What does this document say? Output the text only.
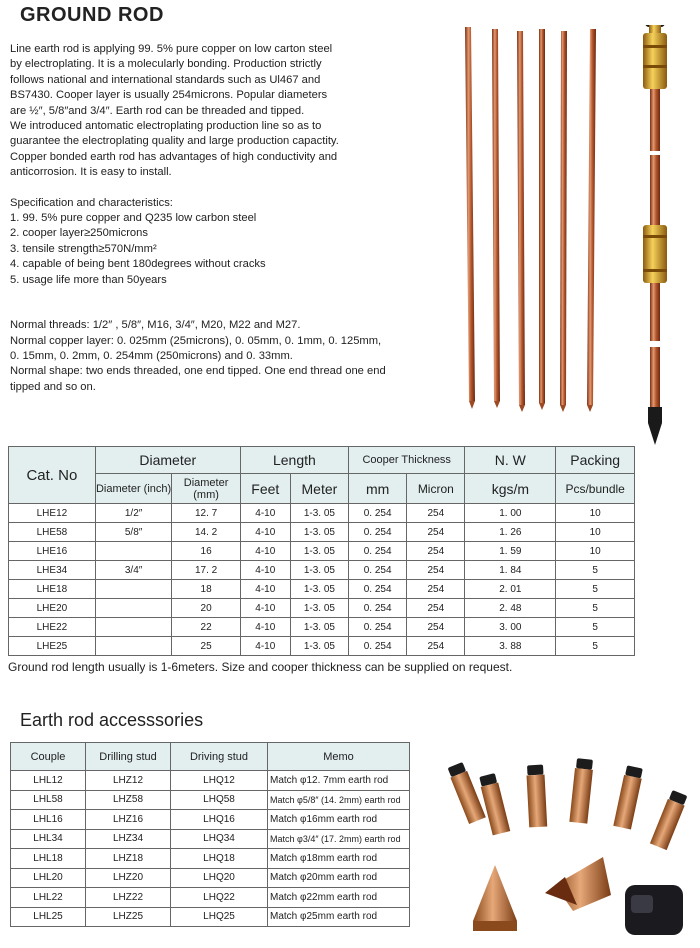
GROUND ROD

Line earth rod is applying 99. 5% pure copper on low carton steel

by electroplating. It is a molecularly bonding. Production strictly

follows national and international standards such as Ul467 and

BS7430. Cooper layer is usually 254microns. Popular diameters

are ½″, 5/8″and 3/4″. Earth rod can be threaded and tipped.

We introduced antomatic electroplating production line so as to

guarantee the electroplating quality and large production capactity.

Copper bonded earth rod has advantages of high conductivity and

anticorrosion. It is easy to install.

Specification and characteristics:

1. 99. 5% pure copper and Q235 low carbon steel

2. cooper layer≥250microns

3. tensile strength≥570N/mm²

4. capable of being bent 180degrees without cracks

5. usage life more than 50years

Normal threads: 1/2″ , 5/8″, M16, 3/4″, M20, M22 and M27.

Normal copper layer: 0. 025mm (25microns), 0. 05mm, 0. 1mm, 0. 125mm,

0. 15mm, 0. 2mm, 0. 254mm (250microns) and 0. 33mm.

Normal shape: two ends threaded, one end tipped. One end thread one end

tipped and so on.

Cat. No	Diameter		Length		Cooper Thickness		N. W	Packing
	Diameter (inch)	Diameter (mm)	Feet	Meter	mm	Micron	kgs/m	Pcs/bundle
LHE12	1/2″	12. 7	4-10	1-3. 05	0. 254	254	1. 00	10
LHE58	5/8″	14. 2	4-10	1-3. 05	0. 254	254	1. 26	10
LHE16		16	4-10	1-3. 05	0. 254	254	1. 59	10
LHE34	3/4″	17. 2	4-10	1-3. 05	0. 254	254	1. 84	5
LHE18		18	4-10	1-3. 05	0. 254	254	2. 01	5
LHE20		20	4-10	1-3. 05	0. 254	254	2. 48	5
LHE22		22	4-10	1-3. 05	0. 254	254	3. 00	5
LHE25		25	4-10	1-3. 05	0. 254	254	3. 88	5
Ground rod length usually is 1-6meters. Size and cooper thickness can be supplied on request.
Earth rod accesssories
Couple	Drilling stud	Driving stud	Memo
LHL12	LHZ12	LHQ12	Match φ12. 7mm earth rod
LHL58	LHZ58	LHQ58	Match φ5/8″ (14. 2mm) earth rod
LHL16	LHZ16	LHQ16	Match φ16mm earth rod
LHL34	LHZ34	LHQ34	Match φ3/4″ (17. 2mm) earth rod
LHL18	LHZ18	LHQ18	Match φ18mm earth rod
LHL20	LHZ20	LHQ20	Match φ20mm earth rod
LHL22	LHZ22	LHQ22	Match φ22mm earth rod
LHL25	LHZ25	LHQ25	Match φ25mm earth rod
